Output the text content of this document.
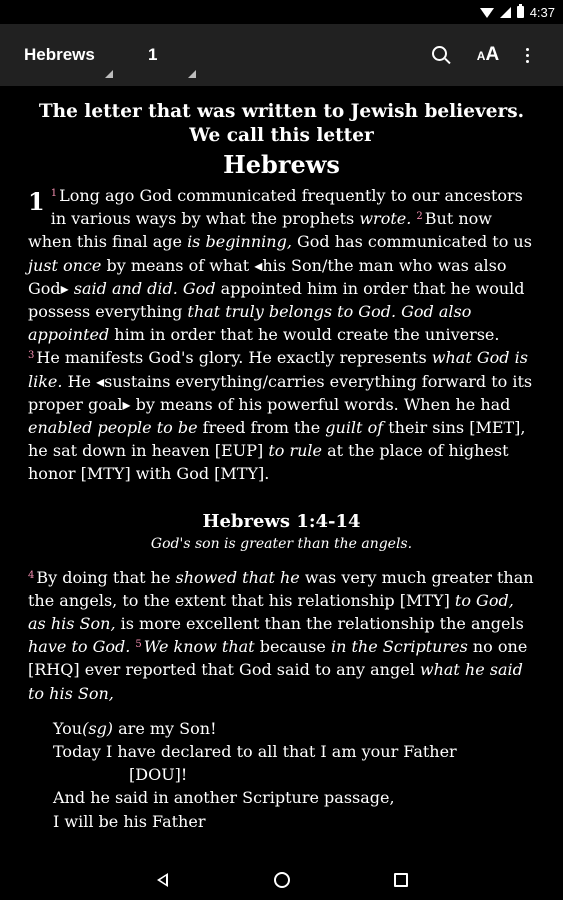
4:37
Hebrews	1	AA

The letter that was written to Jewish believers. We call this letter

Hebrews

1 $^1$ Long ago God communicated frequently to our ancestors in various ways by what the prophets wrote. $^2$ But now when this final age is beginning, God has communicated to us just once by means of what ◂his Son/the man who was also God▸ said and did. God appointed him in order that he would possess everything that truly belongs to God. God also appointed him in order that he would create the universe. $^3$ He manifests God's glory. He exactly represents what God is like. He ◂sustains everything/carries everything forward to its proper goal▸ by means of his powerful words. When he had enabled people to be freed from the guilt of their sins [MET], he sat down in heaven [EUP] to rule at the place of highest honor [MTY] with God [MTY].

Hebrews 1:4-14

God's son is greater than the angels.

$^4$ By doing that he showed that he was very much greater than the angels, to the extent that his relationship [MTY] to God, as his Son, is more excellent than the relationship the angels have to God. $^5$ We know that because in the Scriptures no one [RHQ] ever reported that God said to any angel what he said to his Son,

You(sg) are my Son!
Today I have declared to all that I am your Father
[DOU]!
And he said in another Scripture passage,
I will be his Father
